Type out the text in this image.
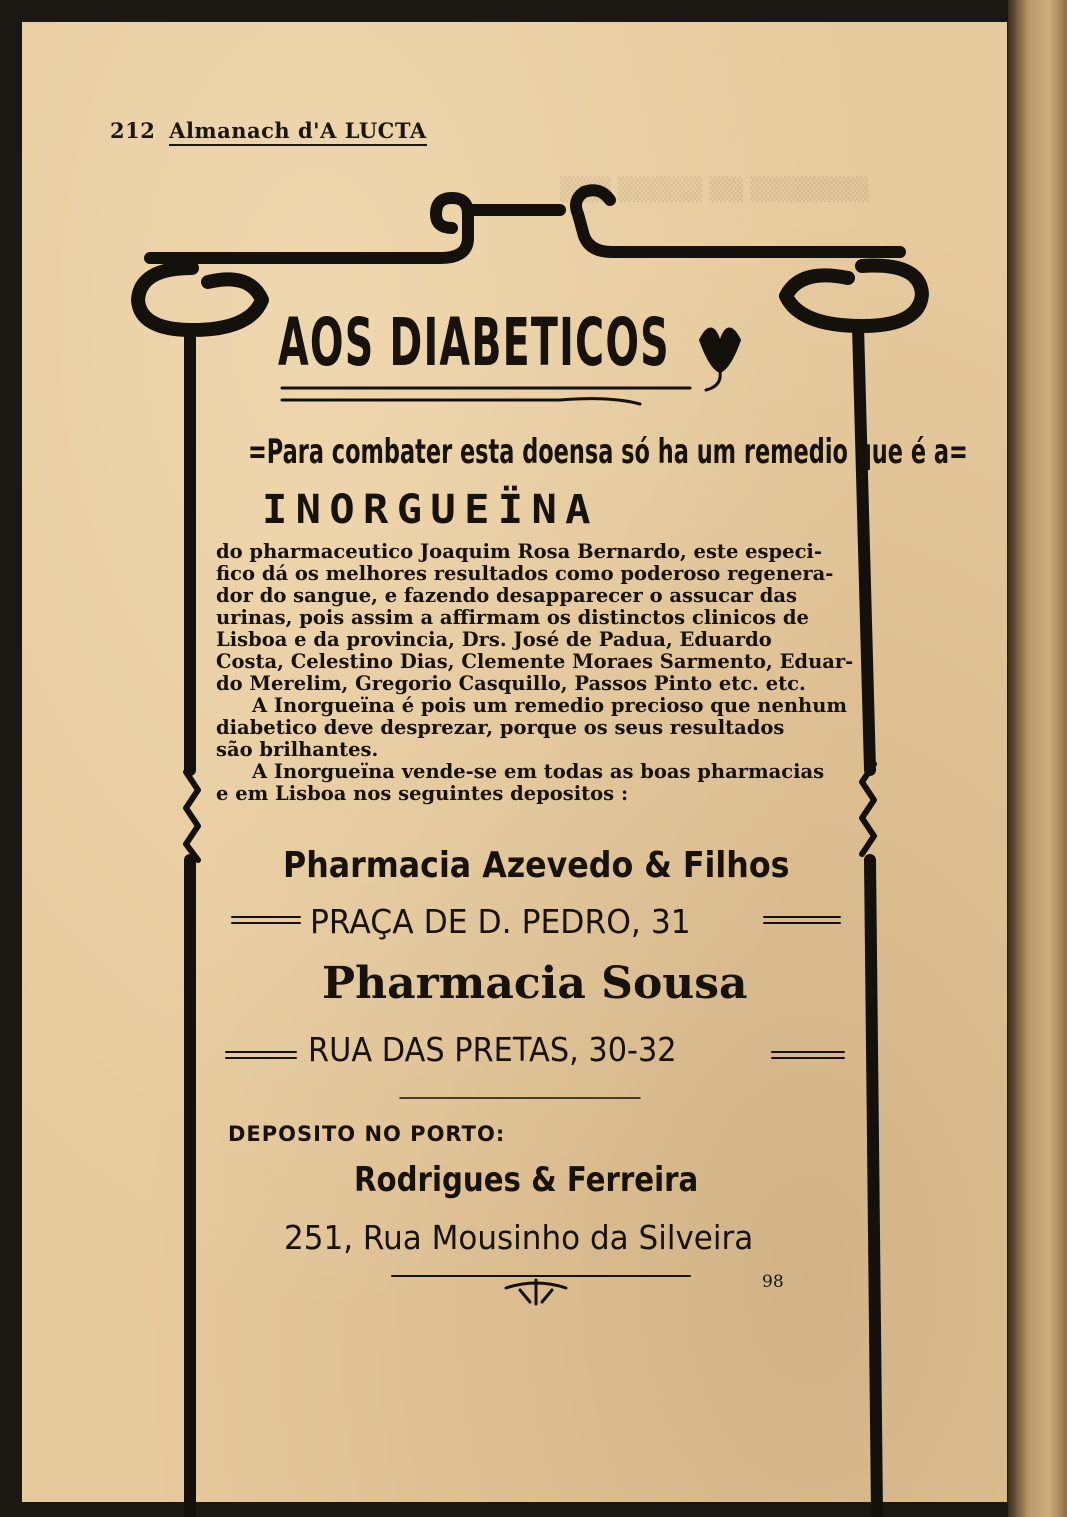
▒▒▒ ▒▒▒▒▒ ▒▒ ▒▒▒▒▒▒▒
212 Almanach d'A LUCTA
AOS DIABETICOS
=Para combater esta doensa só ha um remedio que é a=
INORGUEÏNA
do pharmaceutico Joaquim Rosa Bernardo, este especi-
fico dá os melhores resultados como poderoso regenera-
dor do sangue, e fazendo desapparecer o assucar das
urinas, pois assim a affirmam os distinctos clinicos de
Lisboa e da provincia, Drs. José de Padua, Eduardo
Costa, Celestino Dias, Clemente Moraes Sarmento, Eduar-
do Merelim, Gregorio Casquillo, Passos Pinto etc. etc.
A Inorgueïna é pois um remedio precioso que nenhum
diabetico deve desprezar, porque os seus resultados
são brilhantes.
A Inorgueïna vende-se em todas as boas pharmacias
e em Lisboa nos seguintes depositos :
Pharmacia Azevedo & Filhos
PRAÇA DE D. PEDRO, 31
Pharmacia Sousa
RUA DAS PRETAS, 30-32
DEPOSITO NO PORTO:
Rodrigues & Ferreira
251, Rua Mousinho da Silveira
98
